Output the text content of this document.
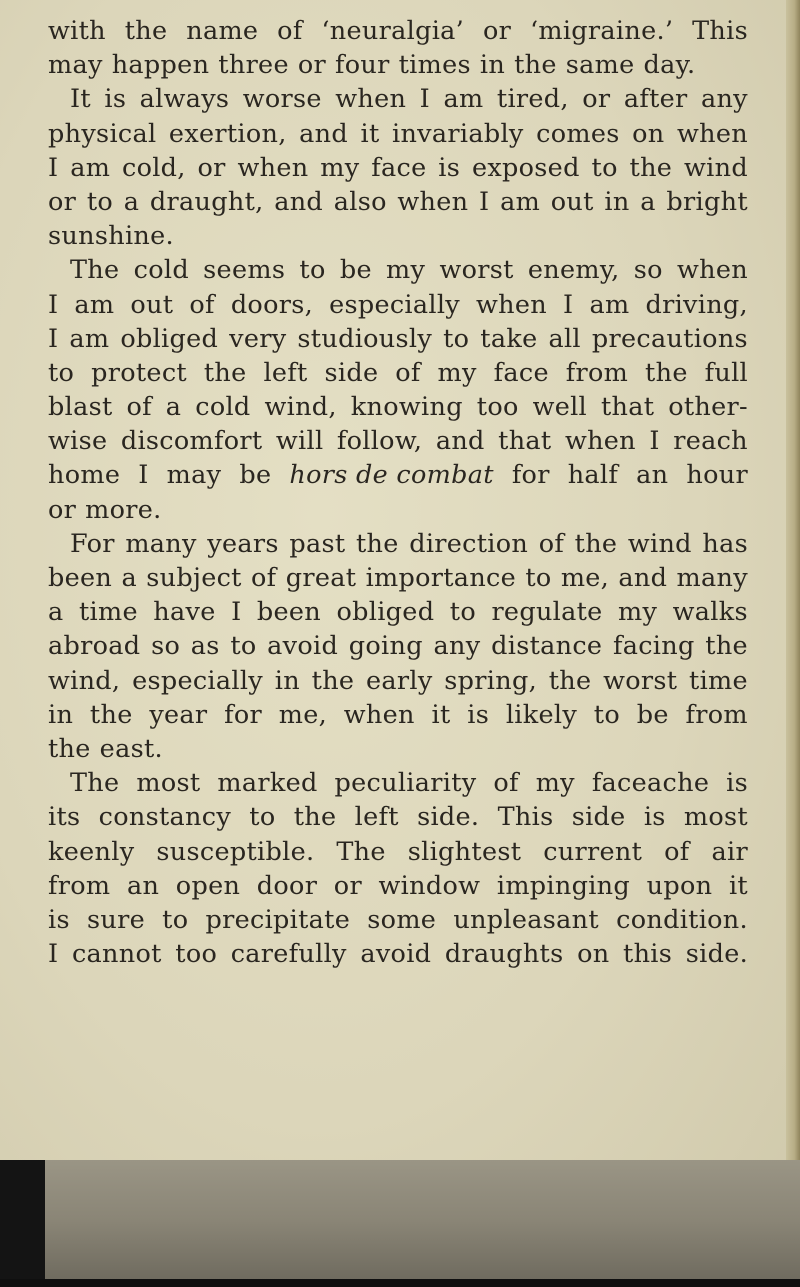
with the name of ‘neuralgia’ or ‘migraine.’ This
may happen three or four times in the same day.
It is always worse when I am tired, or after any
physical exertion, and it invariably comes on when
I am cold, or when my face is exposed to the wind
or to a draught, and also when I am out in a bright
sunshine.
The cold seems to be my worst enemy, so when
I am out of doors, especially when I am driving,
I am obliged very studiously to take all precautions
to protect the left side of my face from the full
blast of a cold wind, knowing too well that other-
wise discomfort will follow, and that when I reach
home I may be hors de combat for half an hour
or more.
For many years past the direction of the wind has
been a subject of great importance to me, and many
a time have I been obliged to regulate my walks
abroad so as to avoid going any distance facing the
wind, especially in the early spring, the worst time
in the year for me, when it is likely to be from
the east.
The most marked peculiarity of my faceache is
its constancy to the left side. This side is most
keenly susceptible. The slightest current of air
from an open door or window impinging upon it
is sure to precipitate some unpleasant condition.
I cannot too carefully avoid draughts on this side.
